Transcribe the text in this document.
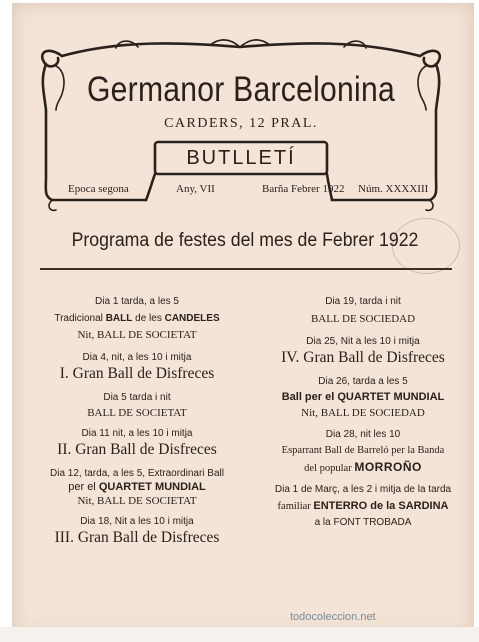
Germanor Barcelonina
CARDERS, 12 PRAL.
BUTLLETÍ
Epoca segona	Any, VII	Barña Febrer 1922 Núm. XXXXIII
Programa de festes del mes de Febrer 1922
Dia 1 tarda, a les 5
Tradicional BALL de les CANDELES
Nit, BALL DE SOCIETAT
Dia 4, nit, a les 10 i mitja
I. Gran Ball de Disfreces
Dia 5 tarda i nit
BALL DE SOCIETAT
Dia 11 nit, a les 10 i mitja
II. Gran Ball de Disfreces
Dia 12, tarda, a les 5, Extraordinari Ball
per el QUARTET MUNDIAL
Nit, BALL DE SOCIETAT
Dia 18, Nit a les 10 i mitja
III. Gran Ball de Disfreces
Dia 19, tarda i nit
BALL DE SOCIEDAD
Dia 25, Nit a les 10 i mitja
IV. Gran Ball de Disfreces
Dia 26, tarda a les 5
Ball per el QUARTET MUNDIAL
Nit, BALL DE SOCIEDAD
Dia 28, nit les 10
Esparrant Ball de Barreló per la Banda
del popular MORROÑO
Dia 1 de Març, a les 2 i mitja de la tarda
familiar ENTERRO de la SARDINA
a la FONT TROBADA
todocoleccion.net
